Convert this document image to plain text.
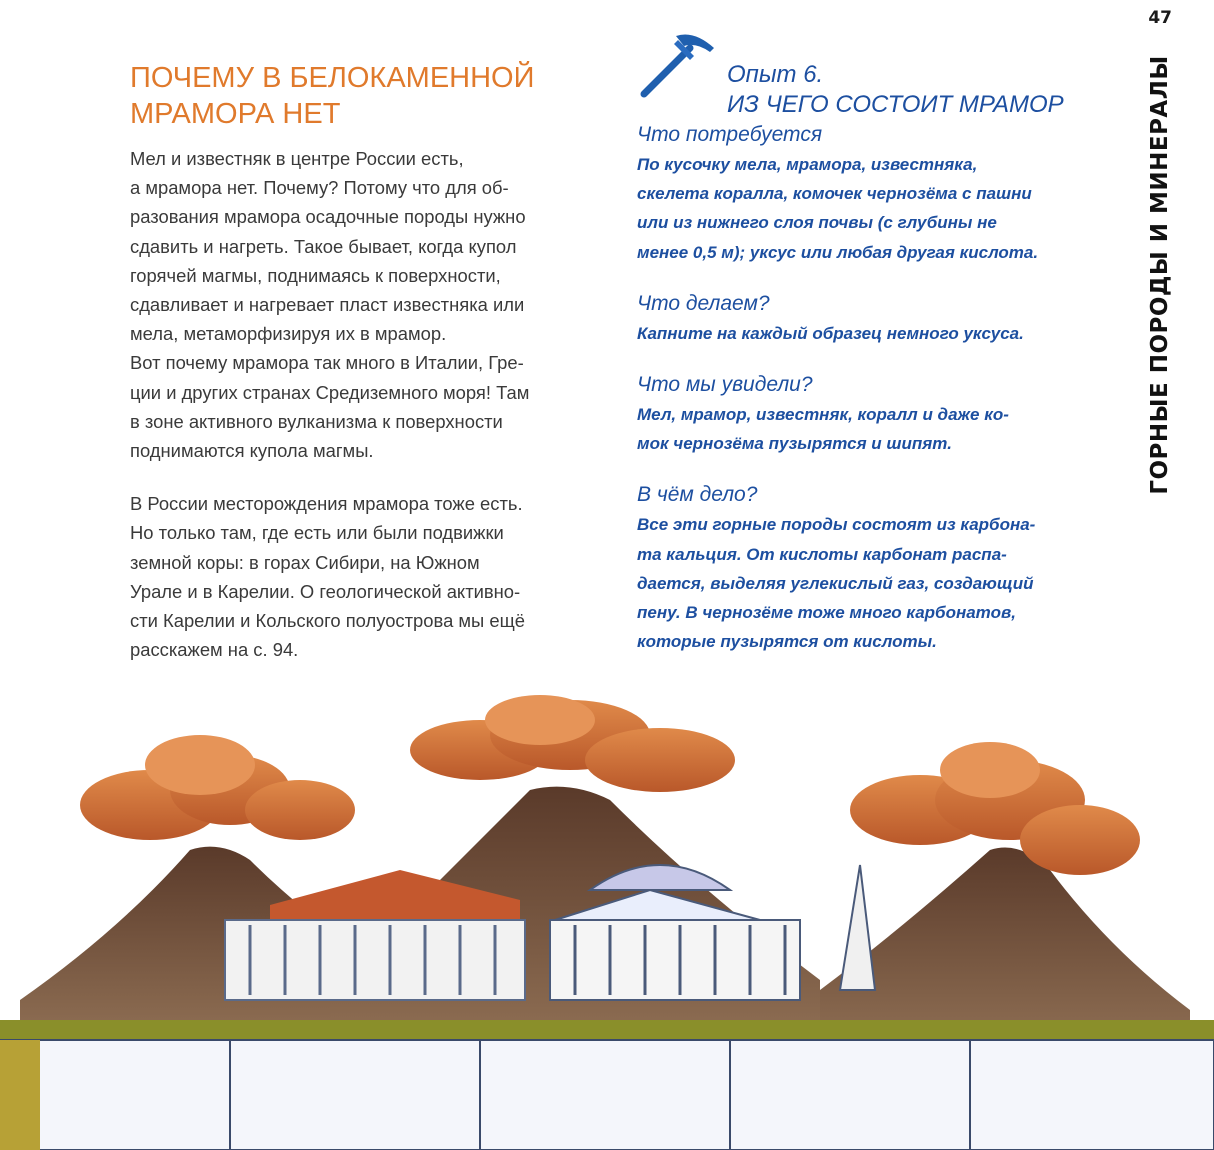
47
ГОРНЫЕ ПОРОДЫ И МИНЕРАЛЫ
ПОЧЕМУ В БЕЛОКАМЕННОЙ
МРАМОРА НЕТ

Мел и известняк в центре России есть,
а мрамора нет. Почему? Потому что для об-
разования мрамора осадочные породы нужно
сдавить и нагреть. Такое бывает, когда купол
горячей магмы, поднимаясь к поверхности,
сдавливает и нагревает пласт известняка или
мела, метаморфизируя их в мрамор.
Вот почему мрамора так много в Италии, Гре-
ции и других странах Средиземного моря! Там
в зоне активного вулканизма к поверхности
поднимаются купола магмы.

В России месторождения мрамора тоже есть.
Но только там, где есть или были подвижки
земной коры: в горах Сибири, на Южном
Урале и в Карелии. О геологической активно-
сти Карелии и Кольского полуострова мы ещё
расскажем на с. 94.

Опыт 6.
ИЗ ЧЕГО СОСТОИТ МРАМОР
Что потребуется

По кусочку мела, мрамора, известняка,
скелета коралла, комочек чернозёма с пашни
или из нижнего слоя почвы (с глубины не
менее 0,5 м); уксус или любая другая кислота.

Что делаем?

Капните на каждый образец немного уксуса.

Что мы увидели?

Мел, мрамор, известняк, коралл и даже ко-
мок чернозёма пузырятся и шипят.

В чём дело?

Все эти горные породы состоят из карбона-
та кальция. От кислоты карбонат распа-
дается, выделяя углекислый газ, создающий
пену. В чернозёме тоже много карбонатов,
которые пузырятся от кислоты.
